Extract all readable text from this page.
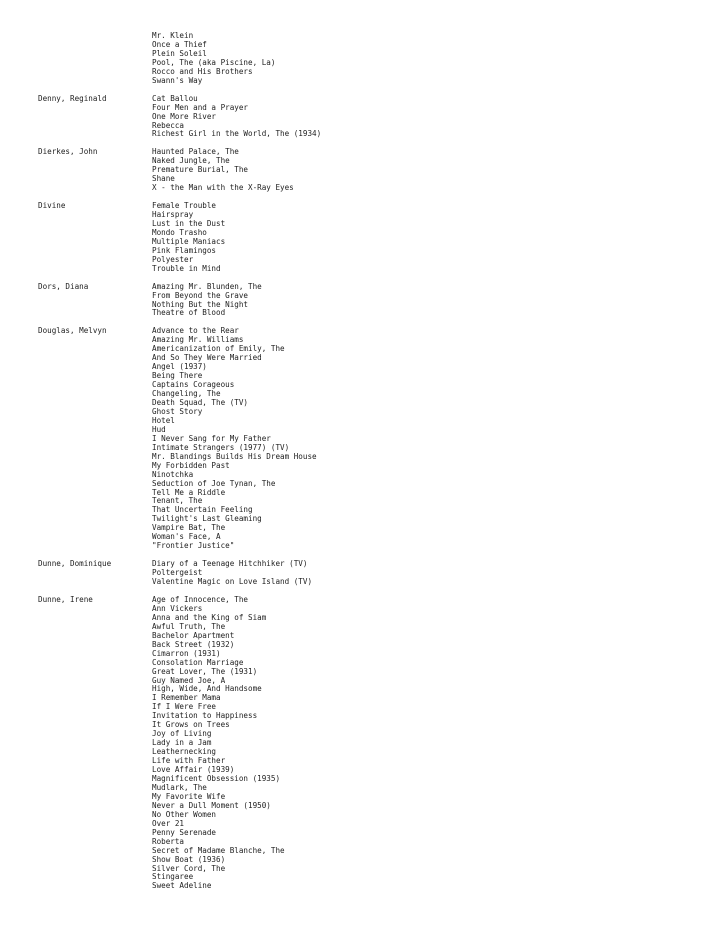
Mr. Klein
Once a Thief
Plein Soleil
Pool, The (aka Piscine, La)
Rocco and His Brothers
Swann's Way
Denny, Reginald	Cat Ballou
Four Men and a Prayer
One More River
Rebecca
Richest Girl in the World, The (1934)
Dierkes, John	Haunted Palace, The
Naked Jungle, The
Premature Burial, The
Shane
X - the Man with the X-Ray Eyes
Divine	Female Trouble
Hairspray
Lust in the Dust
Mondo Trasho
Multiple Maniacs
Pink Flamingos
Polyester
Trouble in Mind
Dors, Diana	Amazing Mr. Blunden, The
From Beyond the Grave
Nothing But the Night
Theatre of Blood
Douglas, Melvyn	Advance to the Rear
Amazing Mr. Williams
Americanization of Emily, The
And So They Were Married
Angel (1937)
Being There
Captains Corageous
Changeling, The
Death Squad, The (TV)
Ghost Story
Hotel
Hud
I Never Sang for My Father
Intimate Strangers (1977) (TV)
Mr. Blandings Builds His Dream House
My Forbidden Past
Ninotchka
Seduction of Joe Tynan, The
Tell Me a Riddle
Tenant, The
That Uncertain Feeling
Twilight's Last Gleaming
Vampire Bat, The
Woman's Face, A
"Frontier Justice"
Dunne, Dominique	Diary of a Teenage Hitchhiker (TV)
Poltergeist
Valentine Magic on Love Island (TV)
Dunne, Irene	Age of Innocence, The
Ann Vickers
Anna and the King of Siam
Awful Truth, The
Bachelor Apartment
Back Street (1932)
Cimarron (1931)
Consolation Marriage
Great Lover, The (1931)
Guy Named Joe, A
High, Wide, And Handsome
I Remember Mama
If I Were Free
Invitation to Happiness
It Grows on Trees
Joy of Living
Lady in a Jam
Leathernecking
Life with Father
Love Affair (1939)
Magnificent Obsession (1935)
Mudlark, The
My Favorite Wife
Never a Dull Moment (1950)
No Other Women
Over 21
Penny Serenade
Roberta
Secret of Madame Blanche, The
Show Boat (1936)
Silver Cord, The
Stingaree
Sweet Adeline
